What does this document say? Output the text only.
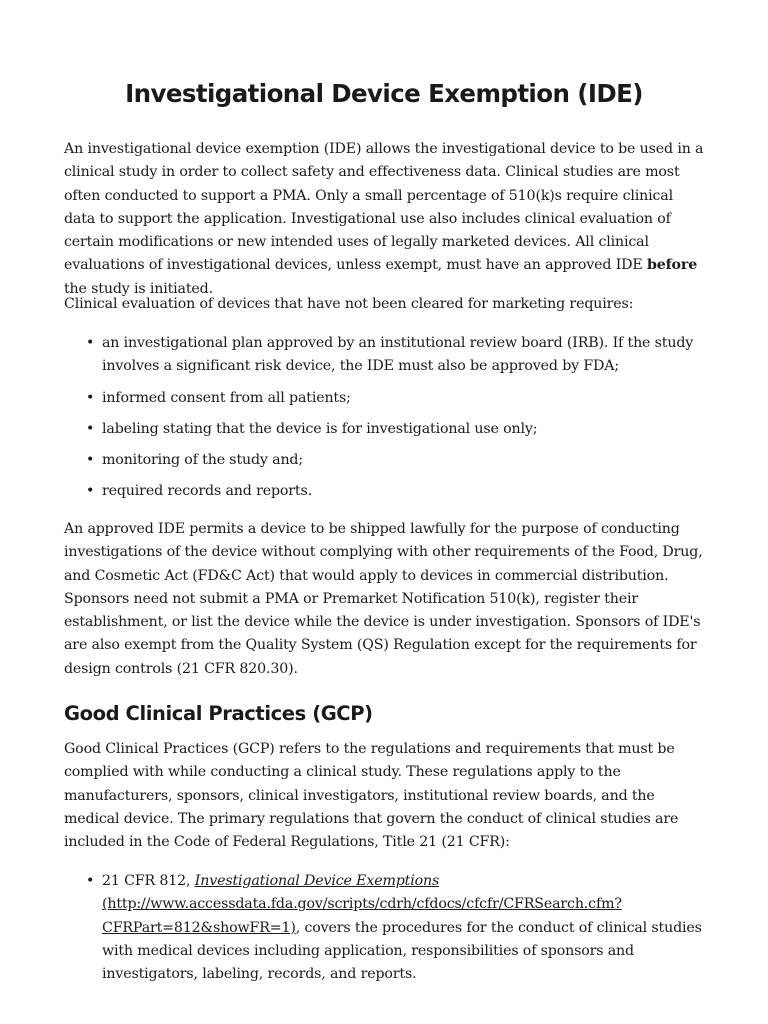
Investigational Device Exemption (IDE)

An investigational device exemption (IDE) allows the investigational device to be used in a clinical study in order to collect safety and effectiveness data. Clinical studies are most often conducted to support a PMA. Only a small percentage of 510(k)s require clinical data to support the application. Investigational use also includes clinical evaluation of certain modifications or new intended uses of legally marketed devices. All clinical evaluations of investigational devices, unless exempt, must have an approved IDE before the study is initiated.

Clinical evaluation of devices that have not been cleared for marketing requires:

• an investigational plan approved by an institutional review board (IRB). If the study involves a significant risk device, the IDE must also be approved by FDA;
• informed consent from all patients;
• labeling stating that the device is for investigational use only;
• monitoring of the study and;
• required records and reports.

An approved IDE permits a device to be shipped lawfully for the purpose of conducting investigations of the device without complying with other requirements of the Food, Drug, and Cosmetic Act (FD&C Act) that would apply to devices in commercial distribution. Sponsors need not submit a PMA or Premarket Notification 510(k), register their establishment, or list the device while the device is under investigation. Sponsors of IDE's are also exempt from the Quality System (QS) Regulation except for the requirements for design controls (21 CFR 820.30).

Good Clinical Practices (GCP)

Good Clinical Practices (GCP) refers to the regulations and requirements that must be complied with while conducting a clinical study. These regulations apply to the manufacturers, sponsors, clinical investigators, institutional review boards, and the medical device. The primary regulations that govern the conduct of clinical studies are included in the Code of Federal Regulations, Title 21 (21 CFR):

• 21 CFR 812, Investigational Device Exemptions
(http://www.accessdata.fda.gov/scripts/cdrh/cfdocs/cfcfr/CFRSearch.cfm?CFRPart=812&showFR=1), covers the procedures for the conduct of clinical studies with medical devices including application, responsibilities of sponsors and investigators, labeling, records, and reports.
